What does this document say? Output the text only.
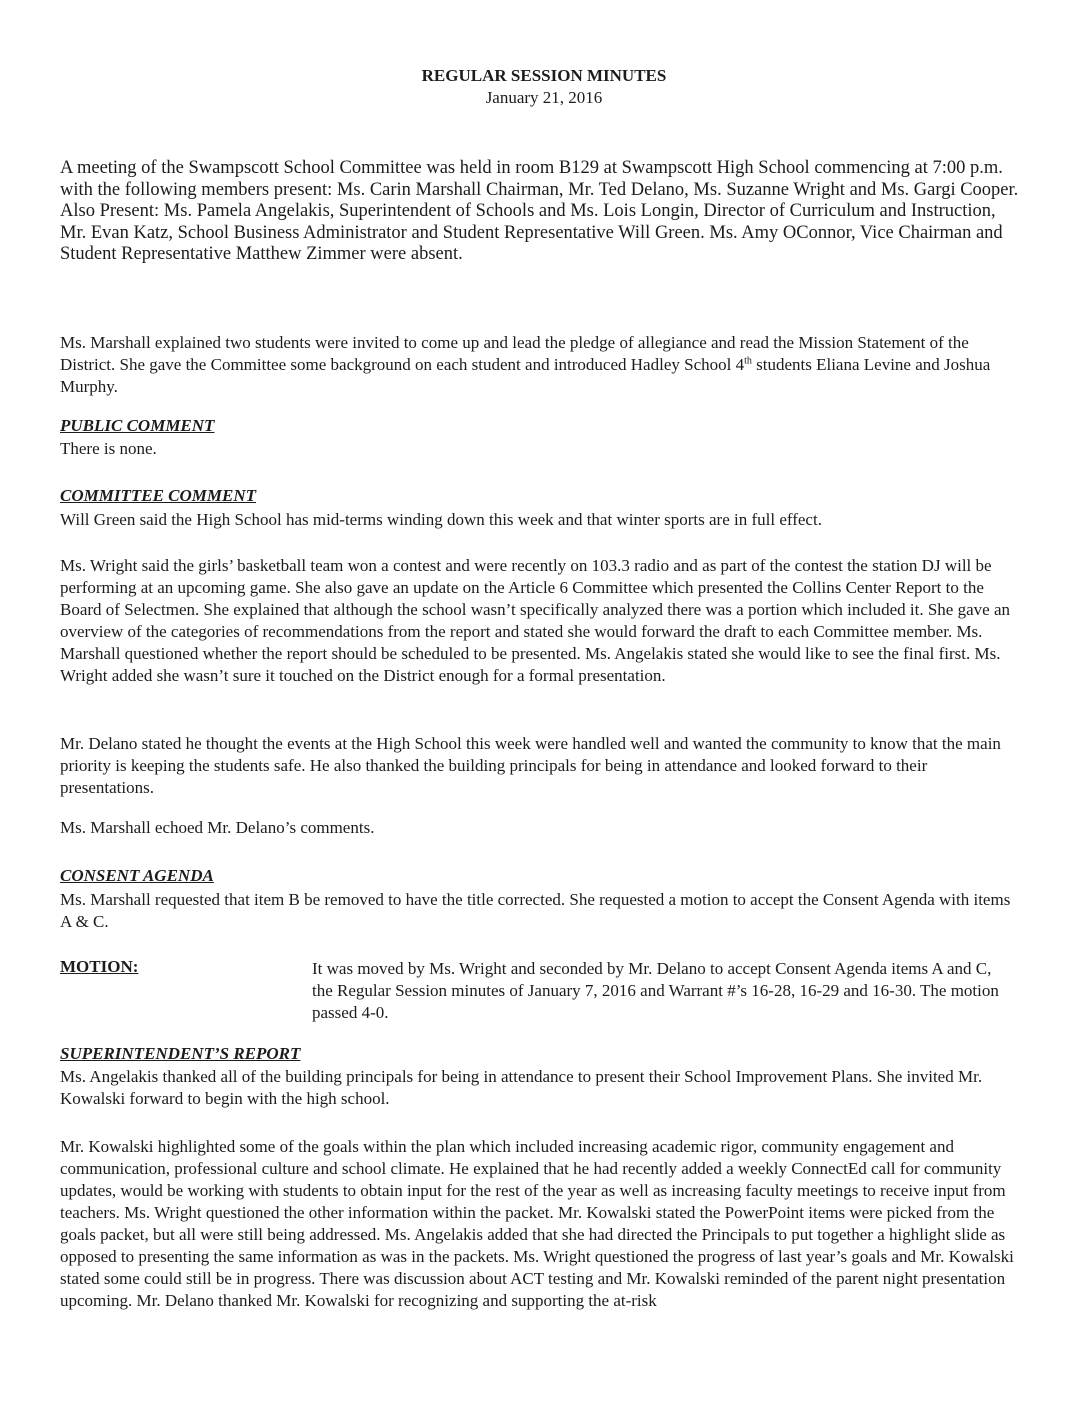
REGULAR SESSION MINUTES
January 21, 2016

A meeting of the Swampscott School Committee was held in room B129 at Swampscott High School commencing at 7:00 p.m. with the following members present: Ms. Carin Marshall Chairman, Mr. Ted Delano, Ms. Suzanne Wright and Ms. Gargi Cooper. Also Present: Ms. Pamela Angelakis, Superintendent of Schools and Ms. Lois Longin, Director of Curriculum and Instruction, Mr. Evan Katz, School Business Administrator and Student Representative Will Green. Ms. Amy OConnor, Vice Chairman and Student Representative Matthew Zimmer were absent.

Ms. Marshall explained two students were invited to come up and lead the pledge of allegiance and read the Mission Statement of the District. She gave the Committee some background on each student and introduced Hadley School 4th students Eliana Levine and Joshua Murphy.

PUBLIC COMMENT

There is none.

COMMITTEE COMMENT

Will Green said the High School has mid-terms winding down this week and that winter sports are in full effect.

Ms. Wright said the girls’ basketball team won a contest and were recently on 103.3 radio and as part of the contest the station DJ will be performing at an upcoming game. She also gave an update on the Article 6 Committee which presented the Collins Center Report to the Board of Selectmen. She explained that although the school wasn’t specifically analyzed there was a portion which included it. She gave an overview of the categories of recommendations from the report and stated she would forward the draft to each Committee member. Ms. Marshall questioned whether the report should be scheduled to be presented. Ms. Angelakis stated she would like to see the final first. Ms. Wright added she wasn’t sure it touched on the District enough for a formal presentation.

Mr. Delano stated he thought the events at the High School this week were handled well and wanted the community to know that the main priority is keeping the students safe. He also thanked the building principals for being in attendance and looked forward to their presentations.

Ms. Marshall echoed Mr. Delano’s comments.

CONSENT AGENDA

Ms. Marshall requested that item B be removed to have the title corrected. She requested a motion to accept the Consent Agenda with items A & C.

MOTION:	It was moved by Ms. Wright and seconded by Mr. Delano to accept Consent Agenda items A and C, the Regular Session minutes of January 7, 2016 and Warrant #’s 16-28, 16-29 and 16-30. The motion passed 4-0.

SUPERINTENDENT’S REPORT

Ms. Angelakis thanked all of the building principals for being in attendance to present their School Improvement Plans. She invited Mr. Kowalski forward to begin with the high school.

Mr. Kowalski highlighted some of the goals within the plan which included increasing academic rigor, community engagement and communication, professional culture and school climate. He explained that he had recently added a weekly ConnectEd call for community updates, would be working with students to obtain input for the rest of the year as well as increasing faculty meetings to receive input from teachers. Ms. Wright questioned the other information within the packet. Mr. Kowalski stated the PowerPoint items were picked from the goals packet, but all were still being addressed. Ms. Angelakis added that she had directed the Principals to put together a highlight slide as opposed to presenting the same information as was in the packets. Ms. Wright questioned the progress of last year’s goals and Mr. Kowalski stated some could still be in progress. There was discussion about ACT testing and Mr. Kowalski reminded of the parent night presentation upcoming. Mr. Delano thanked Mr. Kowalski for recognizing and supporting the at-risk
